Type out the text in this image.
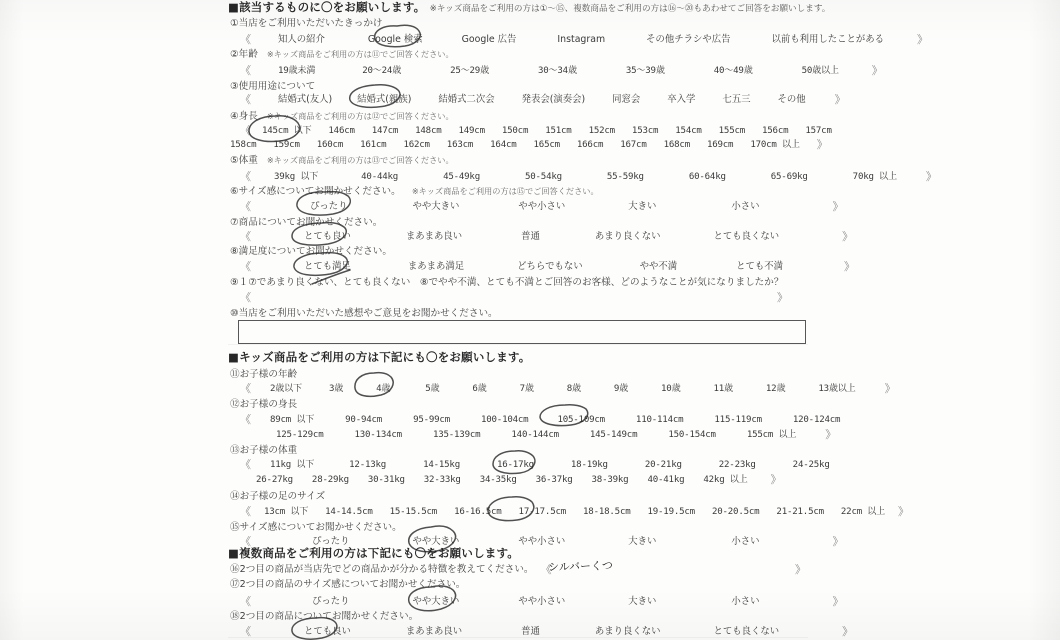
■該当するものに〇をお願いします。 ※キッズ商品をご利用の方は①〜⑮、複数商品をご利用の方は⑯〜⑳もあわせてご回答をお願いします。
①当店をご利用いただいたきっかけ
《	知人の紹介	Google 検索	Google 広告	Instagram	その他チラシや広告	以前も利用したことがある	》
②年齢 ※キッズ商品をご利用の方は⑪でご回答ください。
《	19歳未満	20〜24歳	25〜29歳	30〜34歳	35〜39歳	40〜49歳	50歳以上	》
③使用用途について
《	結婚式(友人)	結婚式(親族)	結婚式二次会	発表会(演奏会)	同窓会	卒入学	七五三	その他	》
④身長 ※キッズ商品をご利用の方は⑫でご回答ください。
《 145cm 以下 146cm 147cm 148cm 149cm 150cm 151cm 152cm 153cm 154cm 155cm 156cm 157cm
158cm 159cm 160cm 161cm 162cm 163cm 164cm 165cm 166cm 167cm 168cm 169cm 170cm 以上 》
⑤体重 ※キッズ商品をご利用の方は⑬でご回答ください。
《	39kg 以下	40-44kg	45-49kg	50-54kg	55-59kg	60-64kg	65-69kg	70kg 以上	》
⑥サイズ感についてお聞かせください。 ※キッズ商品をご利用の方は⑮でご回答ください。
《	ぴったり	やや大きい	やや小さい	大きい	小さい	》
⑦商品についてお聞かせください。
《	とても良い	まあまあ良い	普通	あまり良くない	とても良くない	》
⑧満足度についてお聞かせください。
《	とても満足	まあまあ満足	どちらでもない	やや不満	とても不満	》
⑨１⑦であまり良くない、とても良くない　⑧でやや不満、とても不満とご回答のお客様、どのようなことが気になりましたか？
《	》
⑩当店をご利用いただいた感想やご意見をお聞かせください。
■キッズ商品をご利用の方は下記にも〇をお願いします。
⑪お子様の年齢
《 2歳以下	3歳	4歳	5歳	6歳	7歳	8歳	9歳	10歳	11歳	12歳	13歳以上	》
⑫お子様の身長
《 89cm 以下	90-94cm	95-99cm	100-104cm	105-109cm	110-114cm	115-119cm	120-124cm
125-129cm	130-134cm	135-139cm	140-144cm	145-149cm	150-154cm	155cm 以上	》
⑬お子様の体重
《 11kg 以下	12-13kg	14-15kg	16-17kg	18-19kg	20-21kg	22-23kg	24-25kg
26-27kg 28-29kg 30-31kg 32-33kg 34-35kg 36-37kg 38-39kg 40-41kg 42kg 以上 》
⑭お子様の足のサイズ
《 13cm 以下 14-14.5cm 15-15.5cm 16-16.5cm 17-17.5cm 18-18.5cm 19-19.5cm 20-20.5cm 21-21.5cm 22cm 以上 》
⑮サイズ感についてお聞かせください。
《	ぴったり	やや大きい	やや小さい	大きい	小さい	》
■複数商品をご利用の方は下記にも〇をお願いします。
⑯2つ目の商品が当店先でどの商品かが分かる特徴を教えてください。 《
シルバーくつ	》
⑰2つ目の商品のサイズ感についてお聞かせください。
《	ぴったり	やや大きい	やや小さい	大きい	小さい	》
⑱2つ目の商品についてお聞かせください。
《	とても良い	まあまあ良い	普通	あまり良くない	とても良くない	》
